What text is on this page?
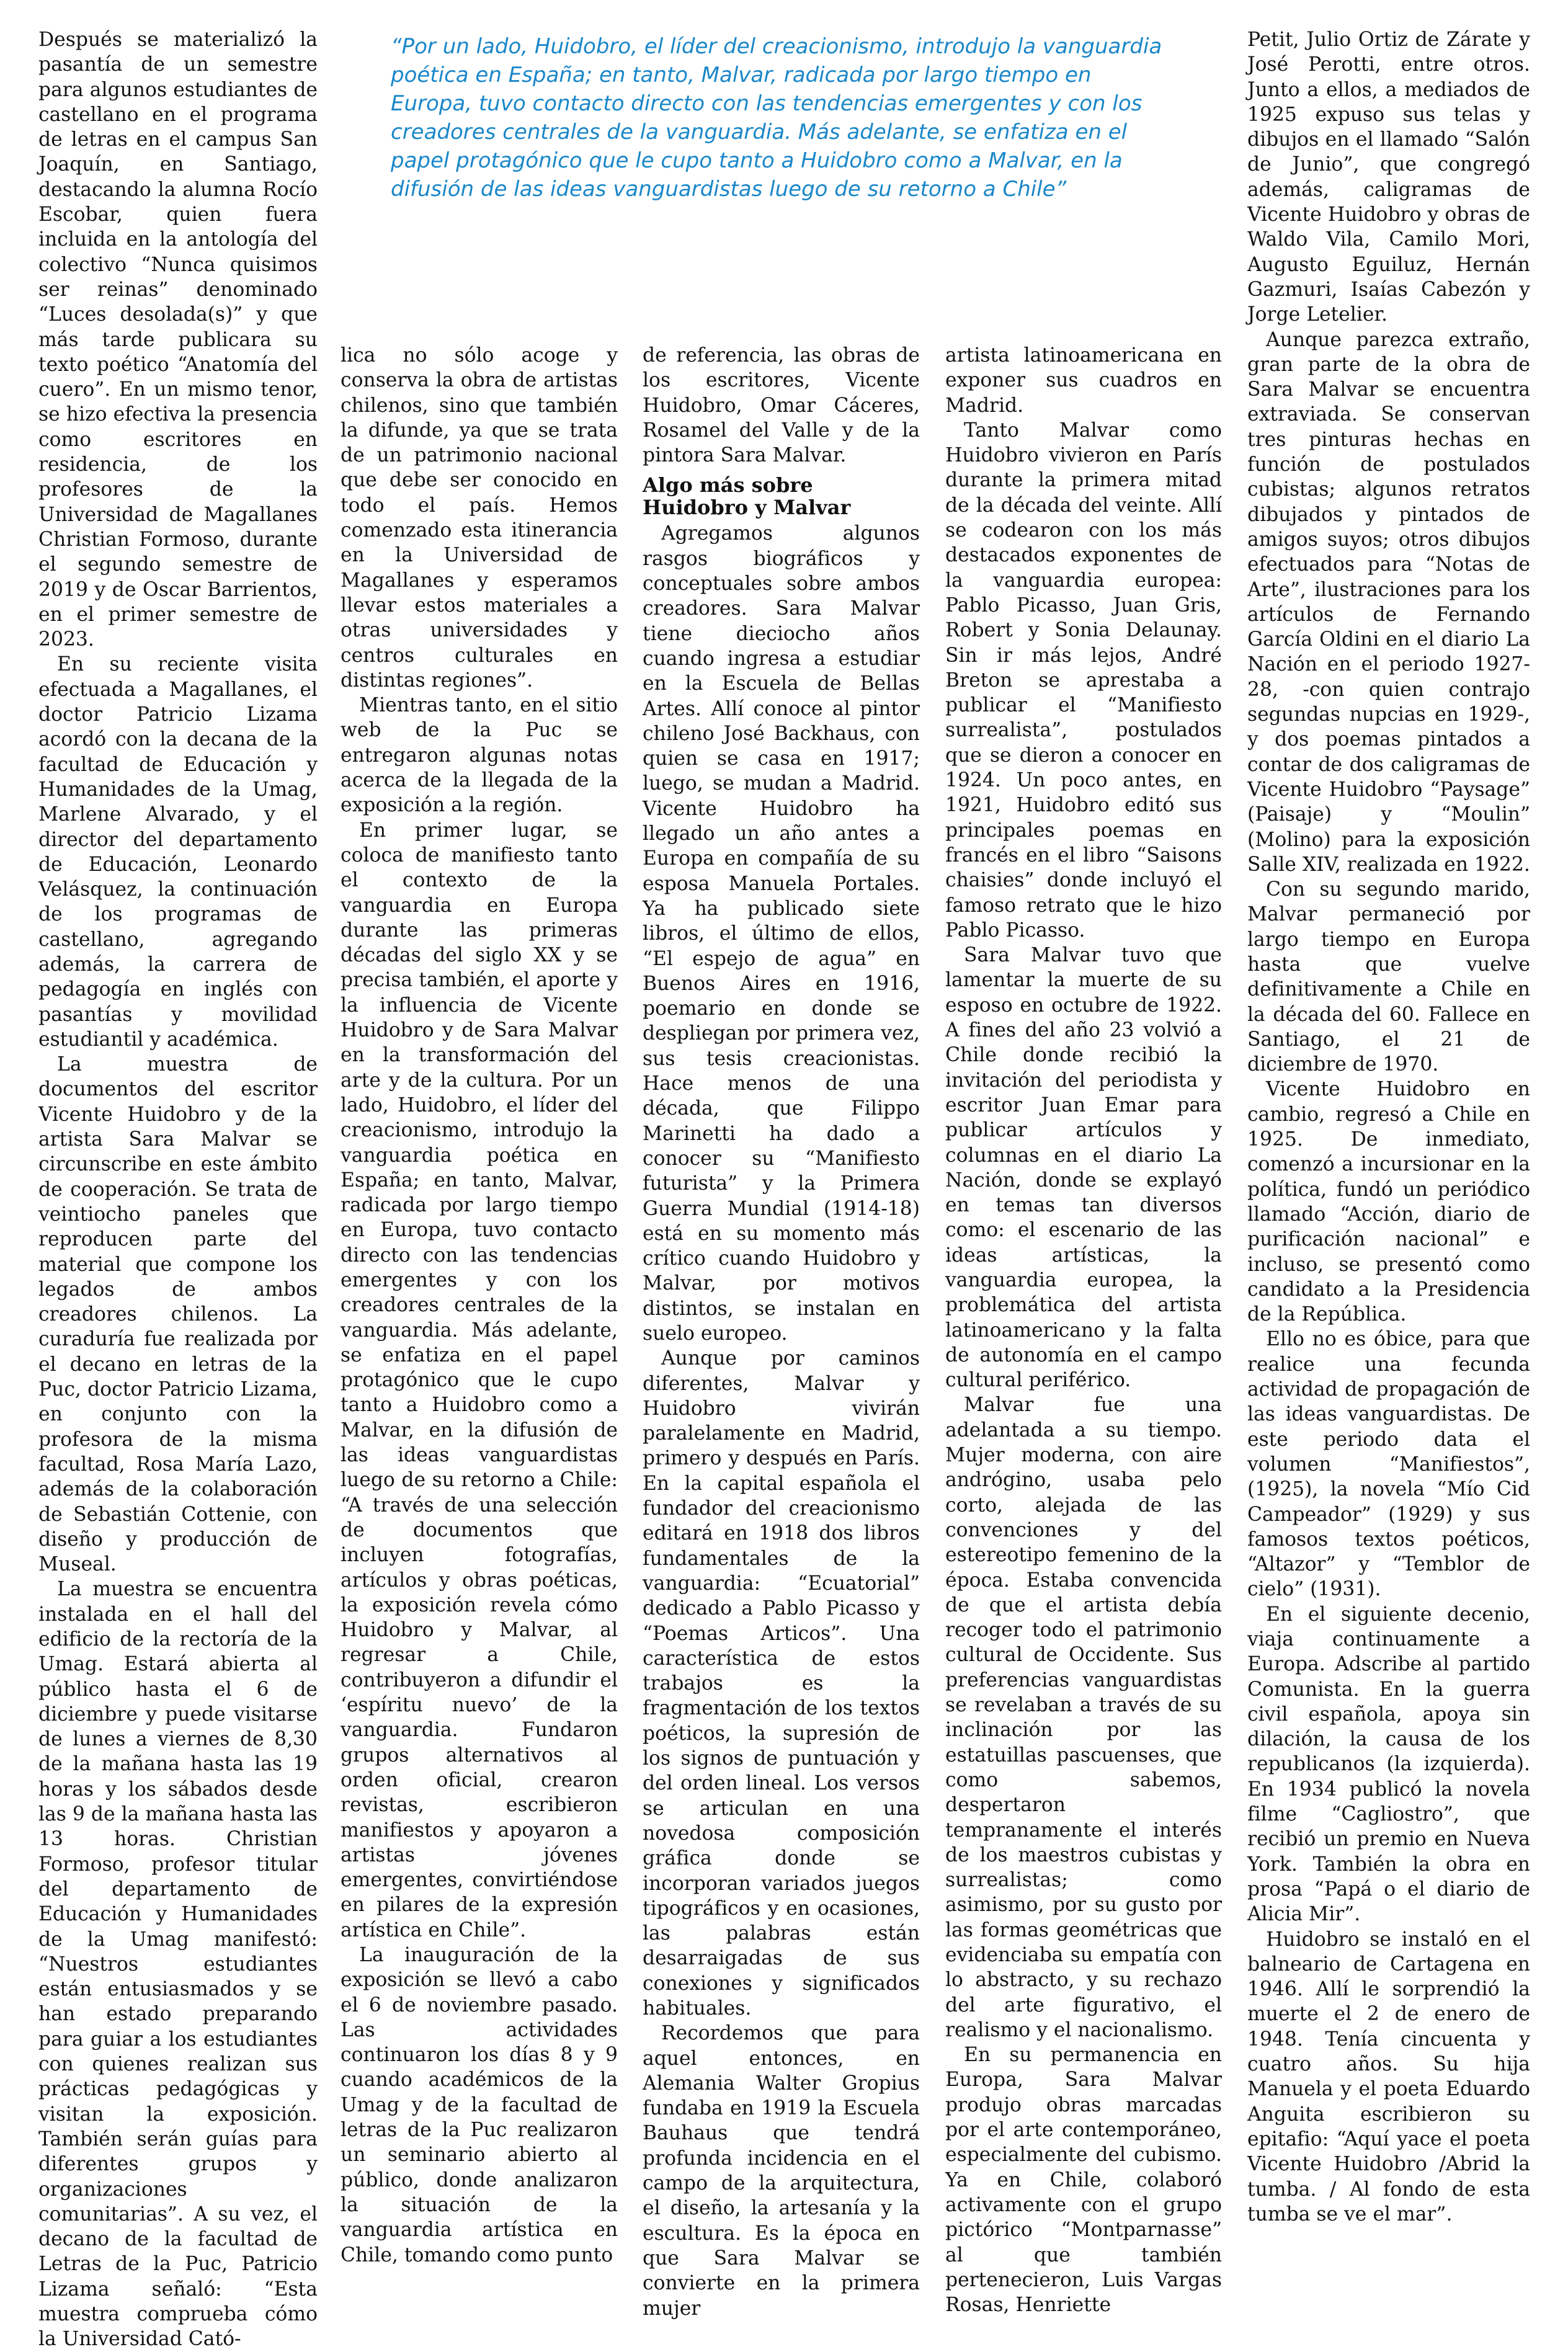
“Por un lado, Huidobro, el líder del creacionismo, introdujo la vanguardia poética en España; en tanto, Malvar, radicada por largo tiempo en Europa, tuvo contacto directo con las tendencias emergentes y con los creadores centrales de la vanguardia. Más adelante, se enfatiza en el papel protagónico que le cupo tanto a Huidobro como a Malvar, en la difusión de las ideas vanguardistas luego de su retorno a Chile”

Después se materializó la pasantía de un semestre para algunos estudiantes de castellano en el programa de letras en el campus San Joaquín, en Santiago, destacando la alumna Rocío Escobar, quien fuera incluida en la antología del colectivo “Nunca quisimos ser reinas” denominado “Luces desolada(s)” y que más tarde publicara su texto poético “Anatomía del cuero”. En un mismo tenor, se hizo efectiva la presencia como escritores en residencia, de los profesores de la Universidad de Magallanes Christian Formoso, durante el segundo semestre de 2019 y de Oscar Barrientos, en el primer semestre de 2023.

En su reciente visita efectuada a Magallanes, el doctor Patricio Lizama acordó con la decana de la facultad de Educación y Humanidades de la Umag, Marlene Alvarado, y el director del departamento de Educación, Leonardo Velásquez, la continuación de los programas de castellano, agregando además, la carrera de pedagogía en inglés con pasantías y movilidad estudiantil y académica.

La muestra de documentos del escritor Vicente Huidobro y de la artista Sara Malvar se circunscribe en este ámbito de cooperación. Se trata de veintiocho paneles que reproducen parte del material que compone los legados de ambos creadores chilenos. La curaduría fue realizada por el decano en letras de la Puc, doctor Patricio Lizama, en conjunto con la profesora de la misma facultad, Rosa María Lazo, además de la colaboración de Sebastián Cottenie, con diseño y producción de Museal.

La muestra se encuentra instalada en el hall del edificio de la rectoría de la Umag. Estará abierta al público hasta el 6 de diciembre y puede visitarse de lunes a viernes de 8,30 de la mañana hasta las 19 horas y los sábados desde las 9 de la mañana hasta las 13 horas. Christian Formoso, profesor titular del departamento de Educación y Humanidades de la Umag manifestó: “Nuestros estudiantes están entusiasmados y se han estado preparando para guiar a los estudiantes con quienes realizan sus prácticas pedagógicas y visitan la exposición. También serán guías para diferentes grupos y organizaciones comunitarias”. A su vez, el decano de la facultad de Letras de la Puc, Patricio Lizama señaló: “Esta muestra comprueba cómo la Universidad Cató-

lica no sólo acoge y conserva la obra de artistas chilenos, sino que también la difunde, ya que se trata de un patrimonio nacional que debe ser conocido en todo el país. Hemos comenzado esta itinerancia en la Universidad de Magallanes y esperamos llevar estos materiales a otras universidades y centros culturales en distintas regiones”.

Mientras tanto, en el sitio web de la Puc se entregaron algunas notas acerca de la llegada de la exposición a la región.

En primer lugar, se coloca de manifiesto tanto el contexto de la vanguardia en Europa durante las primeras décadas del siglo XX y se precisa también, el aporte y la influencia de Vicente Huidobro y de Sara Malvar en la transformación del arte y de la cultura. Por un lado, Huidobro, el líder del creacionismo, introdujo la vanguardia poética en España; en tanto, Malvar, radicada por largo tiempo en Europa, tuvo contacto directo con las tendencias emergentes y con los creadores centrales de la vanguardia. Más adelante, se enfatiza en el papel protagónico que le cupo tanto a Huidobro como a Malvar, en la difusión de las ideas vanguardistas luego de su retorno a Chile: “A través de una selección de documentos que incluyen fotografías, artículos y obras poéticas, la exposición revela cómo Huidobro y Malvar, al regresar a Chile, contribuyeron a difundir el ‘espíritu nuevo’ de la vanguardia. Fundaron grupos alternativos al orden oficial, crearon revistas, escribieron manifiestos y apoyaron a artistas jóvenes emergentes, convirtiéndose en pilares de la expresión artística en Chile”.

La inauguración de la exposición se llevó a cabo el 6 de noviembre pasado. Las actividades continuaron los días 8 y 9 cuando académicos de la Umag y de la facultad de letras de la Puc realizaron un seminario abierto al público, donde analizaron la situación de la vanguardia artística en Chile, tomando como punto

de referencia, las obras de los escritores, Vicente Huidobro, Omar Cáceres, Rosamel del Valle y de la pintora Sara Malvar.

Algo más sobre Huidobro y Malvar

Agregamos algunos rasgos biográficos y conceptuales sobre ambos creadores. Sara Malvar tiene dieciocho años cuando ingresa a estudiar en la Escuela de Bellas Artes. Allí conoce al pintor chileno José Backhaus, con quien se casa en 1917; luego, se mudan a Madrid. Vicente Huidobro ha llegado un año antes a Europa en compañía de su esposa Manuela Portales. Ya ha publicado siete libros, el último de ellos, “El espejo de agua” en Buenos Aires en 1916, poemario en donde se despliegan por primera vez, sus tesis creacionistas. Hace menos de una década, que Filippo Marinetti ha dado a conocer su “Manifiesto futurista” y la Primera Guerra Mundial (1914-18) está en su momento más crítico cuando Huidobro y Malvar, por motivos distintos, se instalan en suelo europeo.

Aunque por caminos diferentes, Malvar y Huidobro vivirán paralelamente en Madrid, primero y después en París. En la capital española el fundador del creacionismo editará en 1918 dos libros fundamentales de la vanguardia: “Ecuatorial” dedicado a Pablo Picasso y “Poemas Articos”. Una característica de estos trabajos es la fragmentación de los textos poéticos, la supresión de los signos de puntuación y del orden lineal. Los versos se articulan en una novedosa composición gráfica donde se incorporan variados juegos tipográficos y en ocasiones, las palabras están desarraigadas de sus conexiones y significados habituales.

Recordemos que para aquel entonces, en Alemania Walter Gropius fundaba en 1919 la Escuela Bauhaus que tendrá profunda incidencia en el campo de la arquitectura, el diseño, la artesanía y la escultura. Es la época en que Sara Malvar se convierte en la primera mujer

artista latinoamericana en exponer sus cuadros en Madrid.

Tanto Malvar como Huidobro vivieron en París durante la primera mitad de la década del veinte. Allí se codearon con los más destacados exponentes de la vanguardia europea: Pablo Picasso, Juan Gris, Robert y Sonia Delaunay. Sin ir más lejos, André Breton se aprestaba a publicar el “Manifiesto surrealista”, postulados que se dieron a conocer en 1924. Un poco antes, en 1921, Huidobro editó sus principales poemas en francés en el libro “Saisons chaisies” donde incluyó el famoso retrato que le hizo Pablo Picasso.

Sara Malvar tuvo que lamentar la muerte de su esposo en octubre de 1922. A fines del año 23 volvió a Chile donde recibió la invitación del periodista y escritor Juan Emar para publicar artículos y columnas en el diario La Nación, donde se explayó en temas tan diversos como: el escenario de las ideas artísticas, la vanguardia europea, la problemática del artista latinoamericano y la falta de autonomía en el campo cultural periférico.

Malvar fue una adelantada a su tiempo. Mujer moderna, con aire andrógino, usaba pelo corto, alejada de las convenciones y del estereotipo femenino de la época. Estaba convencida de que el artista debía recoger todo el patrimonio cultural de Occidente. Sus preferencias vanguardistas se revelaban a través de su inclinación por las estatuillas pascuenses, que como sabemos, despertaron tempranamente el interés de los maestros cubistas y surrealistas; como asimismo, por su gusto por las formas geométricas que evidenciaba su empatía con lo abstracto, y su rechazo del arte figurativo, el realismo y el nacionalismo.

En su permanencia en Europa, Sara Malvar produjo obras marcadas por el arte contemporáneo, especialmente del cubismo. Ya en Chile, colaboró activamente con el grupo pictórico “Montparnasse” al que también pertenecieron, Luis Vargas Rosas, Henriette

Petit, Julio Ortiz de Zárate y José Perotti, entre otros. Junto a ellos, a mediados de 1925 expuso sus telas y dibujos en el llamado “Salón de Junio”, que congregó además, caligramas de Vicente Huidobro y obras de Waldo Vila, Camilo Mori, Augusto Eguiluz, Hernán Gazmuri, Isaías Cabezón y Jorge Letelier.

Aunque parezca extraño, gran parte de la obra de Sara Malvar se encuentra extraviada. Se conservan tres pinturas hechas en función de postulados cubistas; algunos retratos dibujados y pintados de amigos suyos; otros dibujos efectuados para “Notas de Arte”, ilustraciones para los artículos de Fernando García Oldini en el diario La Nación en el periodo 1927-28, -con quien contrajo segundas nupcias en 1929-, y dos poemas pintados a contar de dos caligramas de Vicente Huidobro “Paysage” (Paisaje) y “Moulin” (Molino) para la exposición Salle XIV, realizada en 1922.

Con su segundo marido, Malvar permaneció por largo tiempo en Europa hasta que vuelve definitivamente a Chile en la década del 60. Fallece en Santiago, el 21 de diciembre de 1970.

Vicente Huidobro en cambio, regresó a Chile en 1925. De inmediato, comenzó a incursionar en la política, fundó un periódico llamado “Acción, diario de purificación nacional” e incluso, se presentó como candidato a la Presidencia de la República.

Ello no es óbice, para que realice una fecunda actividad de propagación de las ideas vanguardistas. De este periodo data el volumen “Manifiestos”, (1925), la novela “Mío Cid Campeador” (1929) y sus famosos textos poéticos, “Altazor” y “Temblor de cielo” (1931).

En el siguiente decenio, viaja continuamente a Europa. Adscribe al partido Comunista. En la guerra civil española, apoya sin dilación, la causa de los republicanos (la izquierda). En 1934 publicó la novela filme “Cagliostro”, que recibió un premio en Nueva York. También la obra en prosa “Papá o el diario de Alicia Mir”.

Huidobro se instaló en el balneario de Cartagena en 1946. Allí le sorprendió la muerte el 2 de enero de 1948. Tenía cincuenta y cuatro años. Su hija Manuela y el poeta Eduardo Anguita escribieron su epitafio: “Aquí yace el poeta Vicente Huidobro /Abrid la tumba. / Al fondo de esta tumba se ve el mar”.
